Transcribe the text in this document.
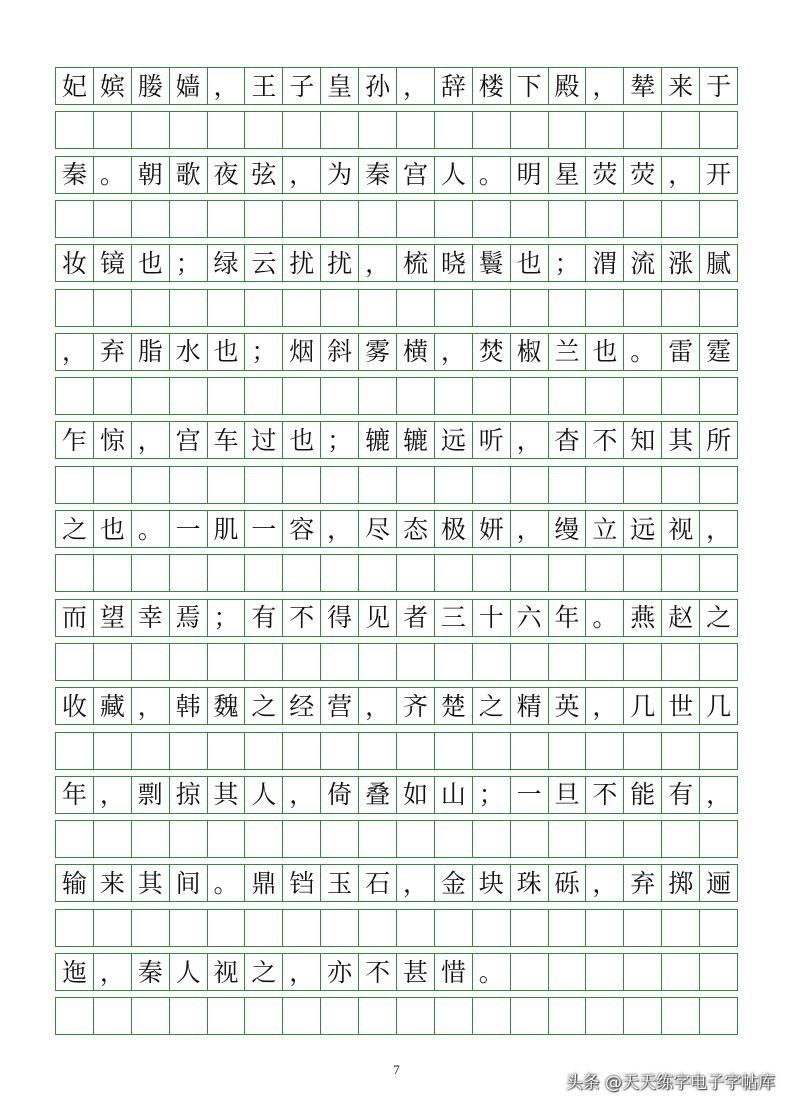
妃 嫔 媵 嫱 ， 王 子 皇 孙 ， 辞 楼 下 殿 ， 辇 来 于
秦 。 朝 歌 夜 弦 ， 为 秦 宫 人 。 明 星 荧 荧 ， 开
妆 镜 也 ； 绿 云 扰 扰 ， 梳 晓 鬟 也 ； 渭 流 涨 腻
， 弃 脂 水 也 ； 烟 斜 雾 横 ， 焚 椒 兰 也 。 雷 霆
乍 惊 ， 宫 车 过 也 ； 辘 辘 远 听 ， 杳 不 知 其 所
之 也 。 一 肌 一 容 ， 尽 态 极 妍 ， 缦 立 远 视 ，
而 望 幸 焉 ； 有 不 得 见 者 三 十 六 年 。 燕 赵 之
收 藏 ， 韩 魏 之 经 营 ， 齐 楚 之 精 英 ， 几 世 几
年 ， 剽 掠 其 人 ， 倚 叠 如 山 ； 一 旦 不 能 有 ，
输 来 其 间 。 鼎 铛 玉 石 ， 金 块 珠 砾 ， 弃 掷 逦
迤 ， 秦 人 视 之 ， 亦 不 甚 惜 。
7
头条 @天天练字电子字帖库
